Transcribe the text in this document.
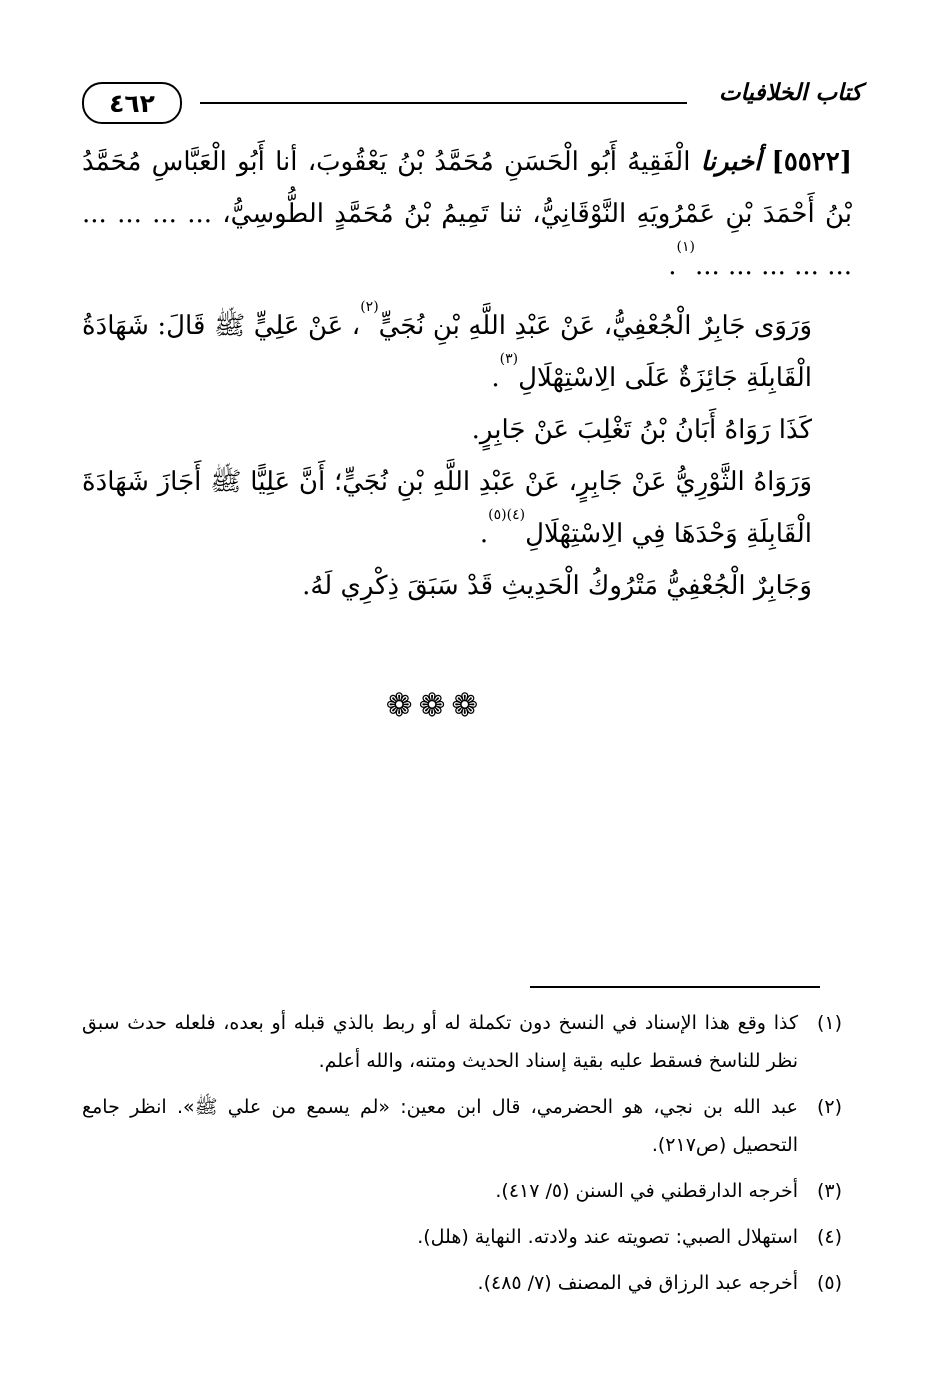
٤٦٢	كتاب الخلافيات

[٥٥٢٢] أخبرنا الْفَقِيهُ أَبُو الْحَسَنِ مُحَمَّدُ بْنُ يَعْقُوبَ، أنا أَبُو الْعَبَّاسِ مُحَمَّدُ بْنُ أَحْمَدَ بْنِ عَمْرُويَهِ النَّوْقَانِيُّ، ثنا تَمِيمُ بْنُ مُحَمَّدٍ الطُّوسِيُّ، ... ... ... ... ... ... ... ... ...$^{(١)}$.

وَرَوَى جَابِرٌ الْجُعْفِيُّ، عَنْ عَبْدِ اللَّهِ بْنِ نُجَيٍّ$^{(٢)}$، عَنْ عَلِيٍّ ﷺ قَالَ: شَهَادَةُ الْقَابِلَةِ جَائِزَةٌ عَلَى الِاسْتِهْلَالِ$^{(٣)}$.

كَذَا رَوَاهُ أَبَانُ بْنُ تَغْلِبَ عَنْ جَابِرٍ.

وَرَوَاهُ الثَّوْرِيُّ عَنْ جَابِرٍ، عَنْ عَبْدِ اللَّهِ بْنِ نُجَيٍّ؛ أَنَّ عَلِيًّا ﷺ أَجَازَ شَهَادَةَ الْقَابِلَةِ وَحْدَهَا فِي الِاسْتِهْلَالِ$^{(٤)(٥)}$.

وَجَابِرٌ الْجُعْفِيُّ مَتْرُوكُ الْحَدِيثِ قَدْ سَبَقَ ذِكْرِي لَهُ.

❁❁❁
(١)
كذا وقع هذا الإسناد في النسخ دون تكملة له أو ربط بالذي قبله أو بعده، فلعله حدث سبق نظر للناسخ فسقط عليه بقية إسناد الحديث ومتنه، والله أعلم.
(٢)
عبد الله بن نجي، هو الحضرمي، قال ابن معين: «لم يسمع من علي ﷺ». انظر جامع التحصيل (ص٢١٧).
(٣)
أخرجه الدارقطني في السنن (٥/ ٤١٧).
(٤)
استهلال الصبي: تصويته عند ولادته. النهاية (هلل).
(٥)
أخرجه عبد الرزاق في المصنف (٧/ ٤٨٥).
